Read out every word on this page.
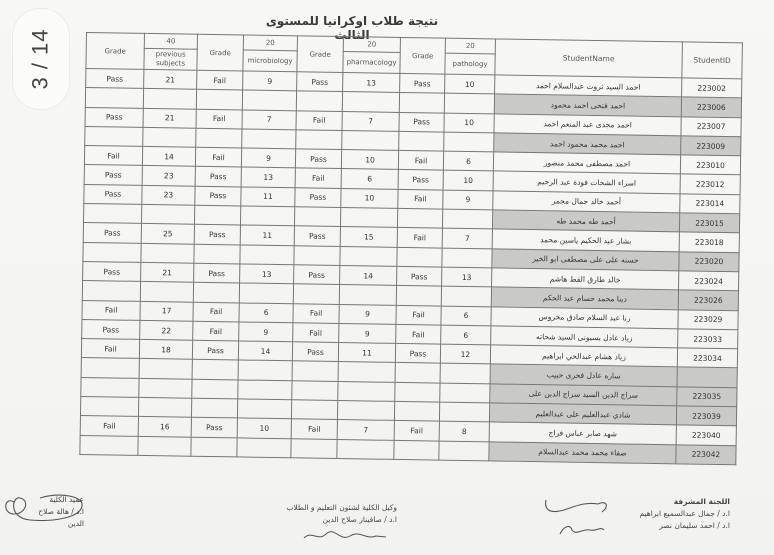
3 / 14
نتيجة طلاب اوكرانيا للمستوى الثالث
Grade	40	Grade	20	Grade	20	Grade	20	StudentName	StudentID
	previous subjects		microbiology		pharmacology		pathology		
Pass	21	Fail	9	Pass	13	Pass	10	احمد السيد ثروت عبدالسلام احمد	223002
								احمد فتحى احمد محمود	223006
Pass	21	Fail	7	Fail	7	Pass	10	احمد مجدى عبد المنعم احمد	223007
								احمد محمد محمود احمد	223009
Fail	14	Fail	9	Pass	10	Fail	6	احمد مصطفى محمد منصور	223010
Pass	23	Pass	13	Fail	6	Pass	10	اسراء الشحات فودة عبد الرحيم	223012
Pass	23	Pass	11	Pass	10	Fail	9	أحمد خالد جمال مجمر	223014
								أحمد طه محمد طه	223015
Pass	25	Pass	11	Pass	15	Fail	7	بشار عبد الحكيم ياسين محمد	223018
								حسنه على على مصطفى ابو الخير	223020
Pass	21	Pass	13	Pass	14	Pass	13	خالد طارق القط هاشم	223024
								دينا محمد حسام عبد الحكم	223026
Fail	17	Fail	6	Fail	9	Fail	6	رنا عبد السلام صادق محروس	223029
Pass	22	Fail	9	Fail	9	Fail	6	زياد عادل بسيونى السيد شحاته	223033
Fail	18	Pass	14	Pass	11	Pass	12	زياد هشام عبدالحي ابراهيم	223034
								ساره عادل فخرى حبيب	
								سراج الدين السيد سراج الدين على	223035
								شادي عبدالعليم على عبدالعليم	223039
Fail	16	Pass	10	Fail	7	Fail	8	شهد صابر عباس فراج	223040
								صفاء محمد محمد عبدالسلام	223042
اللجنة المشرفة
ا.د / جمال عبدالسميع ابراهيم
ا.د / احمد سليمان نصر
وكيل الكلية لشئون التعليم و الطلاب
ا.د / صافيناز صلاح الدين
عميد الكلية
ا.د / هالة صلاح الدين
